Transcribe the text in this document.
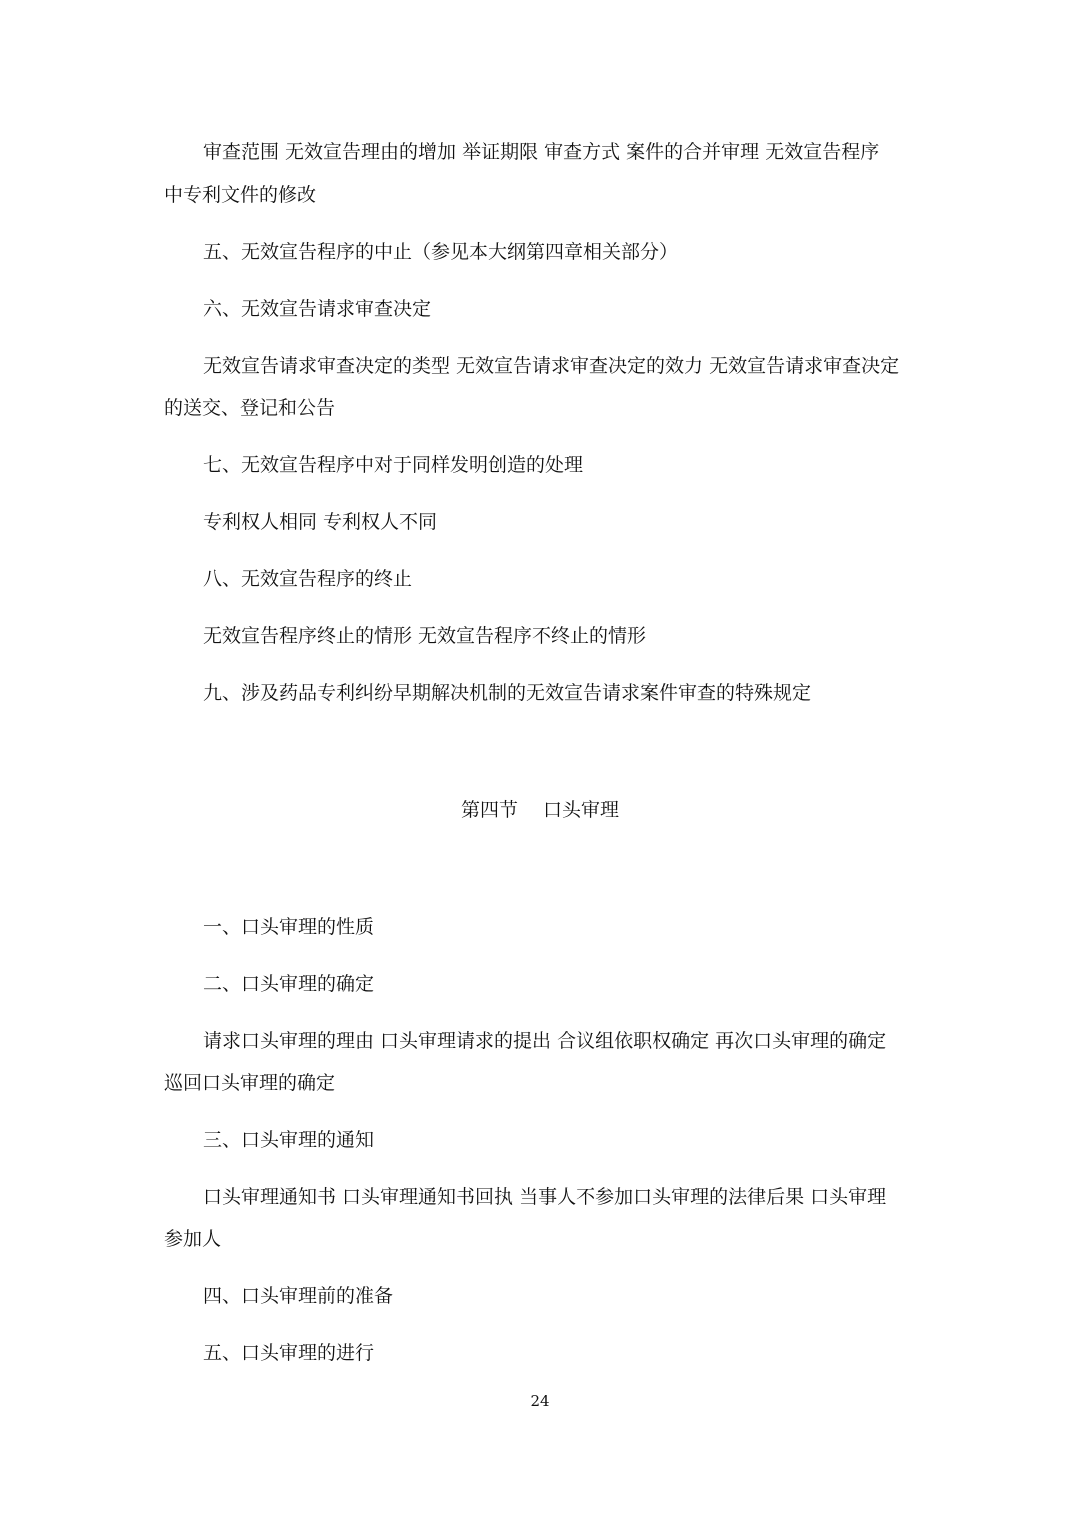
审查范围 无效宣告理由的增加 举证期限 审查方式 案件的合并审理 无效宣告程序
中专利文件的修改
五、无效宣告程序的中止（参见本大纲第四章相关部分）
六、无效宣告请求审查决定
无效宣告请求审查决定的类型 无效宣告请求审查决定的效力 无效宣告请求审查决定
的送交、登记和公告
七、无效宣告程序中对于同样发明创造的处理
专利权人相同 专利权人不同
八、无效宣告程序的终止
无效宣告程序终止的情形 无效宣告程序不终止的情形
九、涉及药品专利纠纷早期解决机制的无效宣告请求案件审查的特殊规定
第四节　 口头审理
一、口头审理的性质
二、口头审理的确定
请求口头审理的理由 口头审理请求的提出 合议组依职权确定 再次口头审理的确定
巡回口头审理的确定
三、口头审理的通知
口头审理通知书 口头审理通知书回执 当事人不参加口头审理的法律后果 口头审理
参加人
四、口头审理前的准备
五、口头审理的进行
24
